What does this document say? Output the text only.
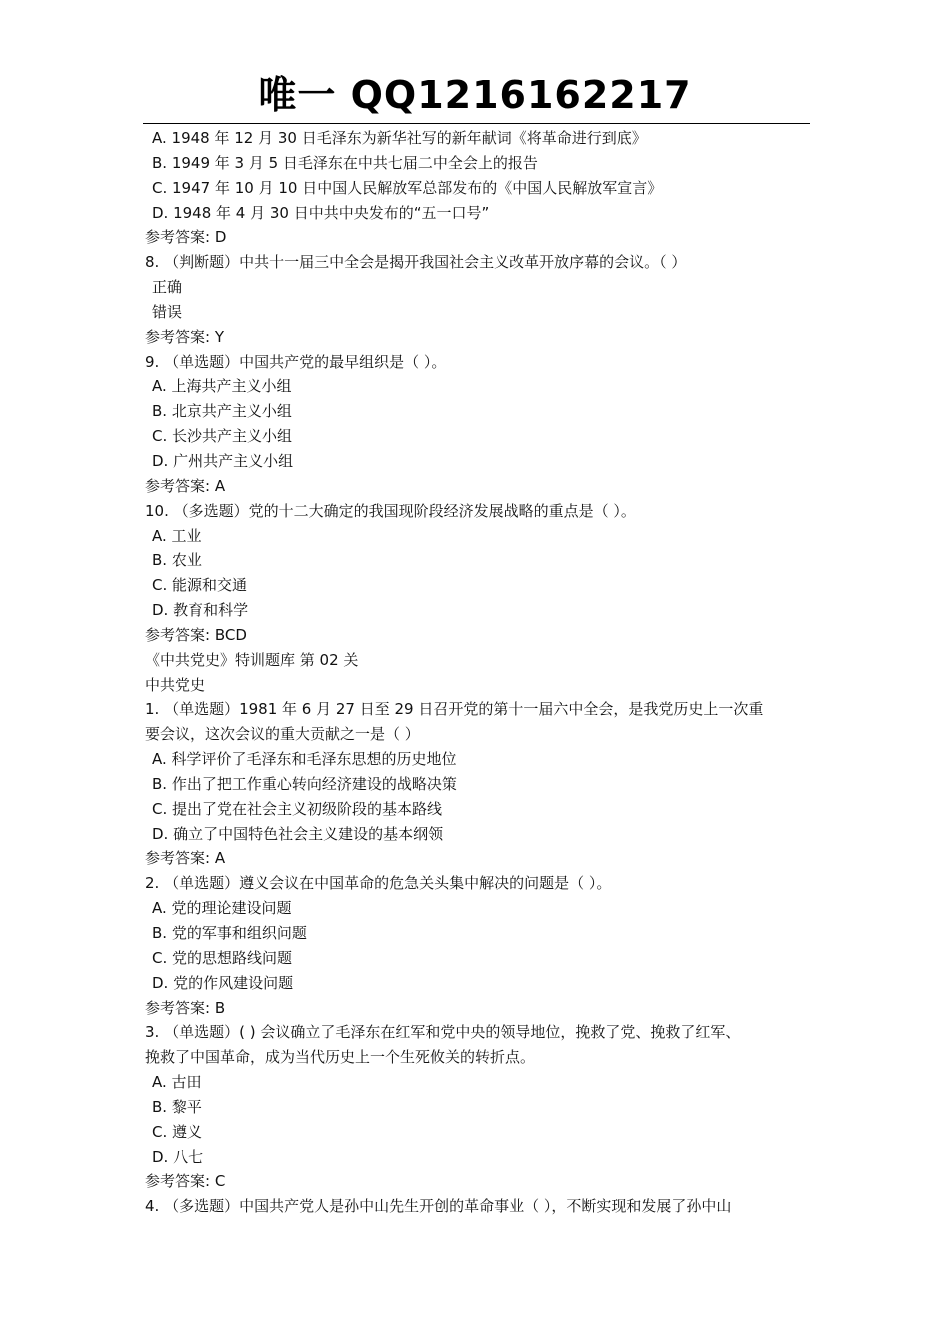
唯一 QQ1216162217
A. 1948 年 12 月 30 日毛泽东为新华社写的新年献词《将革命进行到底》
B. 1949 年 3 月 5 日毛泽东在中共七届二中全会上的报告
C. 1947 年 10 月 10 日中国人民解放军总部发布的《中国人民解放军宣言》
D. 1948 年 4 月 30 日中共中央发布的“五一口号”
参考答案: D
8. （判断题）中共十一届三中全会是揭开我国社会主义改革开放序幕的会议。（ ）
正确
错误
参考答案: Y
9. （单选题）中国共产党的最早组织是（ ）。
A. 上海共产主义小组
B. 北京共产主义小组
C. 长沙共产主义小组
D. 广州共产主义小组
参考答案: A
10. （多选题）党的十二大确定的我国现阶段经济发展战略的重点是（ ）。
A. 工业
B. 农业
C. 能源和交通
D. 教育和科学
参考答案: BCD
《中共党史》特训题库 第 02 关
中共党史
1. （单选题）1981 年 6 月 27 日至 29 日召开党的第十一届六中全会，是我党历史上一次重
要会议，这次会议的重大贡献之一是（ ）
A. 科学评价了毛泽东和毛泽东思想的历史地位
B. 作出了把工作重心转向经济建设的战略决策
C. 提出了党在社会主义初级阶段的基本路线
D. 确立了中国特色社会主义建设的基本纲领
参考答案: A
2. （单选题）遵义会议在中国革命的危急关头集中解决的问题是（ ）。
A. 党的理论建设问题
B. 党的军事和组织问题
C. 党的思想路线问题
D. 党的作风建设问题
参考答案: B
3. （单选题）( ) 会议确立了毛泽东在红军和党中央的领导地位，挽救了党、挽救了红军、
挽救了中国革命，成为当代历史上一个生死攸关的转折点。
A. 古田
B. 黎平
C. 遵义
D. 八七
参考答案: C
4. （多选题）中国共产党人是孙中山先生开创的革命事业（ ），不断实现和发展了孙中山
